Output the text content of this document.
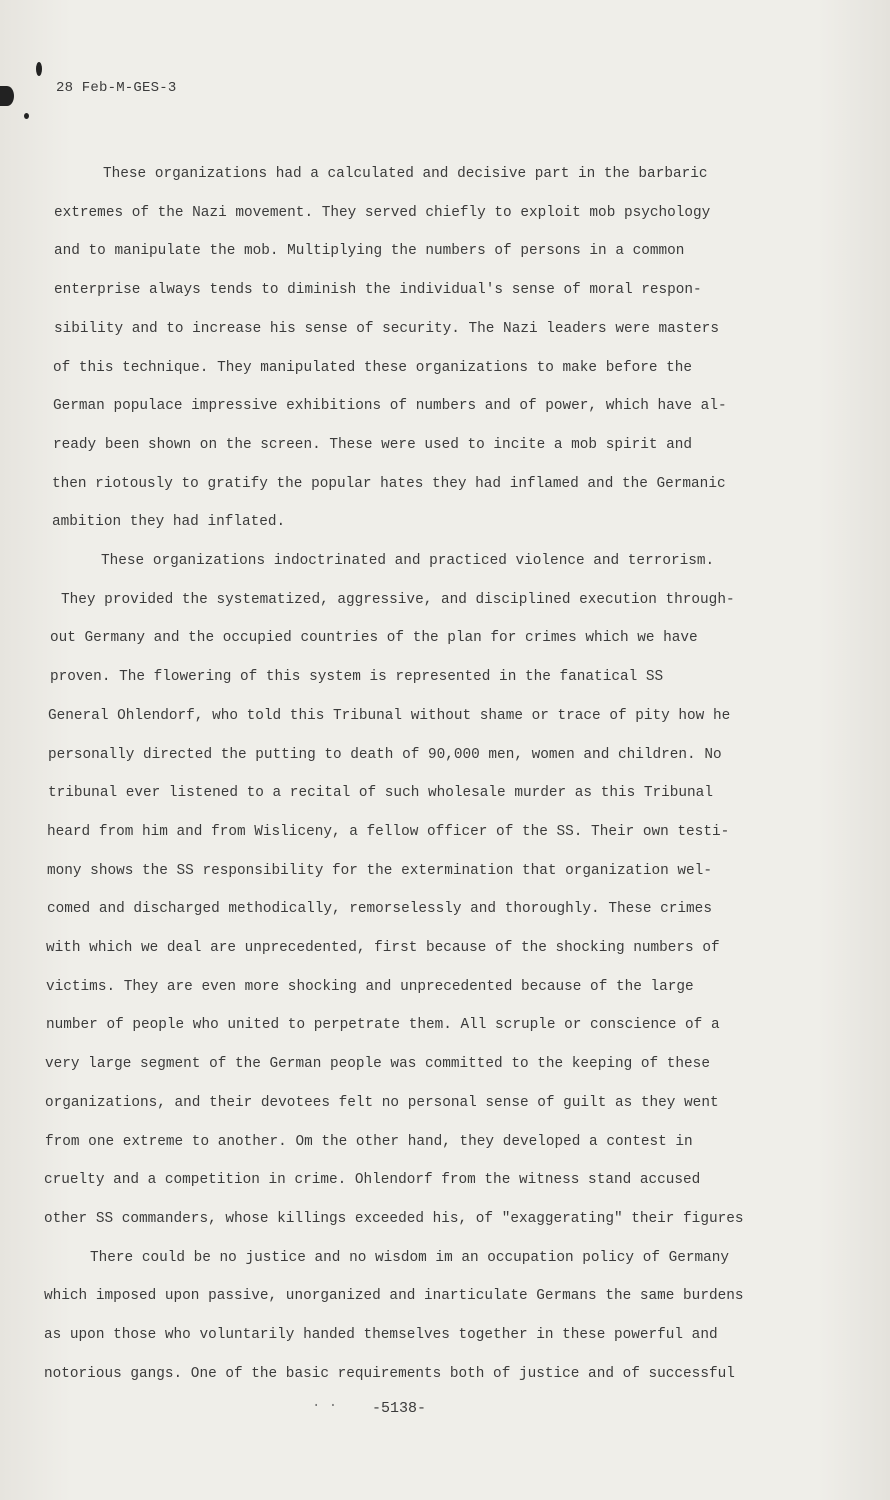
28 Feb-M-GES-3
These organizations had a calculated and decisive part in the barbaric
extremes of the Nazi movement. They served chiefly to exploit mob psychology
and to manipulate the mob. Multiplying the numbers of persons in a common
enterprise always tends to diminish the individual's sense of moral respon-
sibility and to increase his sense of security. The Nazi leaders were masters
of this technique. They manipulated these organizations to make before the
German populace impressive exhibitions of numbers and of power, which have al-
ready been shown on the screen. These were used to incite a mob spirit and
then riotously to gratify the popular hates they had inflamed and the Germanic
ambition they had inflated.
These organizations indoctrinated and practiced violence and terrorism.
They provided the systematized, aggressive, and disciplined execution through-
out Germany and the occupied countries of the plan for crimes which we have
proven. The flowering of this system is represented in the fanatical SS
General Ohlendorf, who told this Tribunal without shame or trace of pity how he
personally directed the putting to death of 90,000 men, women and children. No
tribunal ever listened to a recital of such wholesale murder as this Tribunal
heard from him and from Wisliceny, a fellow officer of the SS. Their own testi-
mony shows the SS responsibility for the extermination that organization wel-
comed and discharged methodically, remorselessly and thoroughly. These crimes
with which we deal are unprecedented, first because of the shocking numbers of
victims. They are even more shocking and unprecedented because of the large
number of people who united to perpetrate them. All scruple or conscience of a
very large segment of the German people was committed to the keeping of these
organizations, and their devotees felt no personal sense of guilt as they went
from one extreme to another. Om the other hand, they developed a contest in
cruelty and a competition in crime. Ohlendorf from the witness stand accused
other SS commanders, whose killings exceeded his, of "exaggerating" their figures
There could be no justice and no wisdom im an occupation policy of Germany
which imposed upon passive, unorganized and inarticulate Germans the same burdens
as upon those who voluntarily handed themselves together in these powerful and
notorious gangs. One of the basic requirements both of justice and of successful
· · -5138-
